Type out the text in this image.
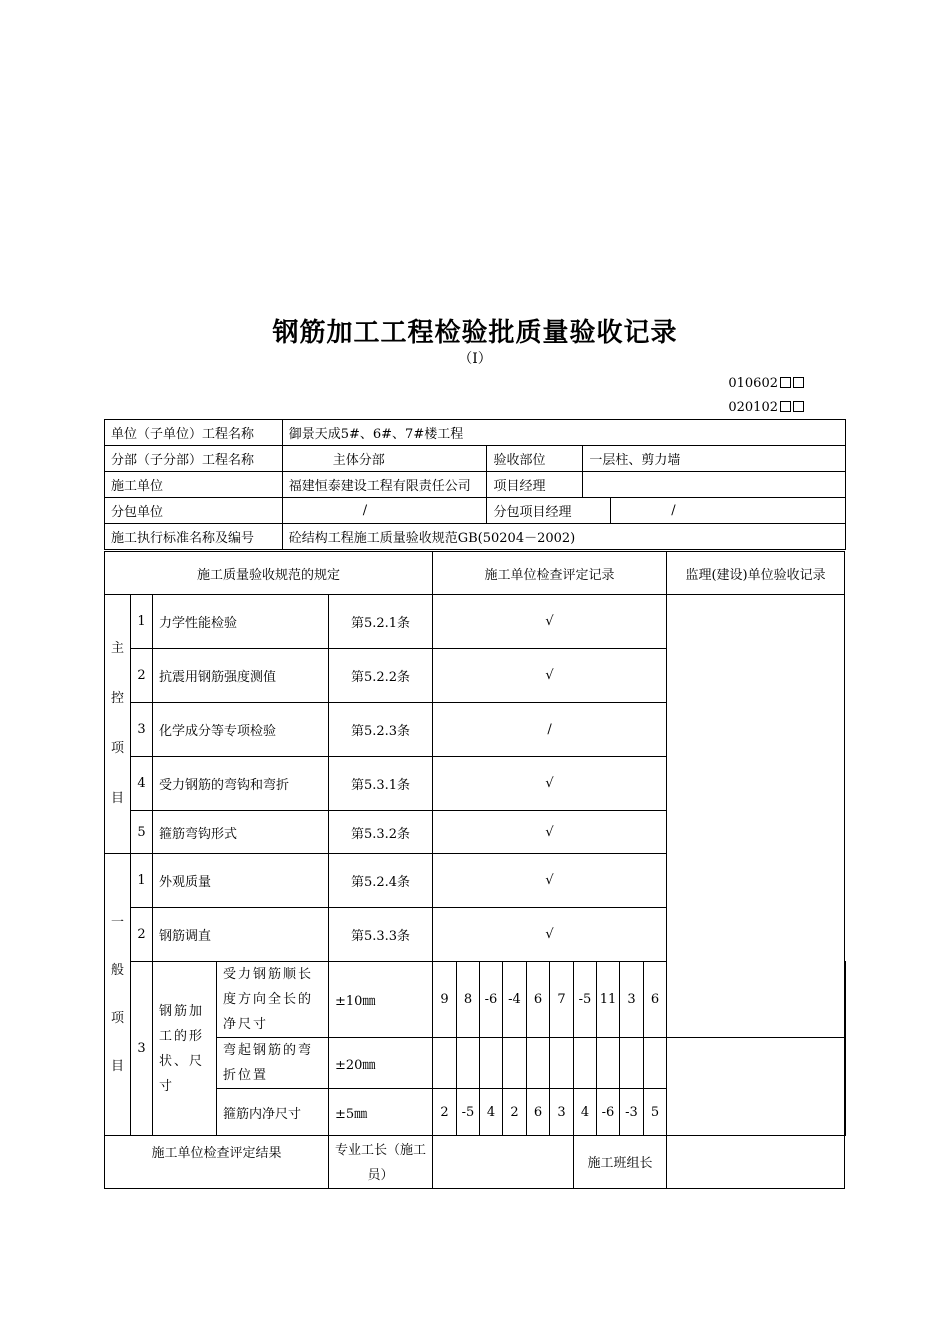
钢筋加工工程检验批质量验收记录
（Ⅰ）
010602
020102
单位（子单位）工程名称	御景天成5#、6#、7#楼工程			
分部（子分部）工程名称	主体分部	验收部位	一层柱、剪力墙	
施工单位	福建恒泰建设工程有限责任公司	项目经理		
分包单位	/	分包项目经理		/
施工执行标准名称及编号	砼结构工程施工质量验收规范GB(50204－2002)			
施工质量验收规范的规定					施工单位检查评定记录										监理(建设)单位验收记录	

主
控
项
目	1	力学性能检验		第5.2.1条	√											
	2	抗震用钢筋强度测值		第5.2.2条	√											
	3	化学成分等专项检验		第5.2.3条	/											
	4	受力钢筋的弯钩和弯折		第5.3.1条	√											
	5	箍筋弯钩形式		第5.3.2条	√											

一
般
项
目	1	外观质量		第5.2.4条	√											
	2	钢筋调直		第5.3.3条	√											
	3	钢筋加工的形状、尺寸	受力钢筋顺长度方向全长的净尺寸	±10㎜	9	8	-6	-4	6	7	-5	11	3	6		
			弯起钢筋的弯折位置	±20㎜												
			箍筋内净尺寸	±5㎜	2	-5	4	2	6	3	4	-6	-3	5		
施工单位检查评定结果				专业工长（施工员）							施工班组长					
